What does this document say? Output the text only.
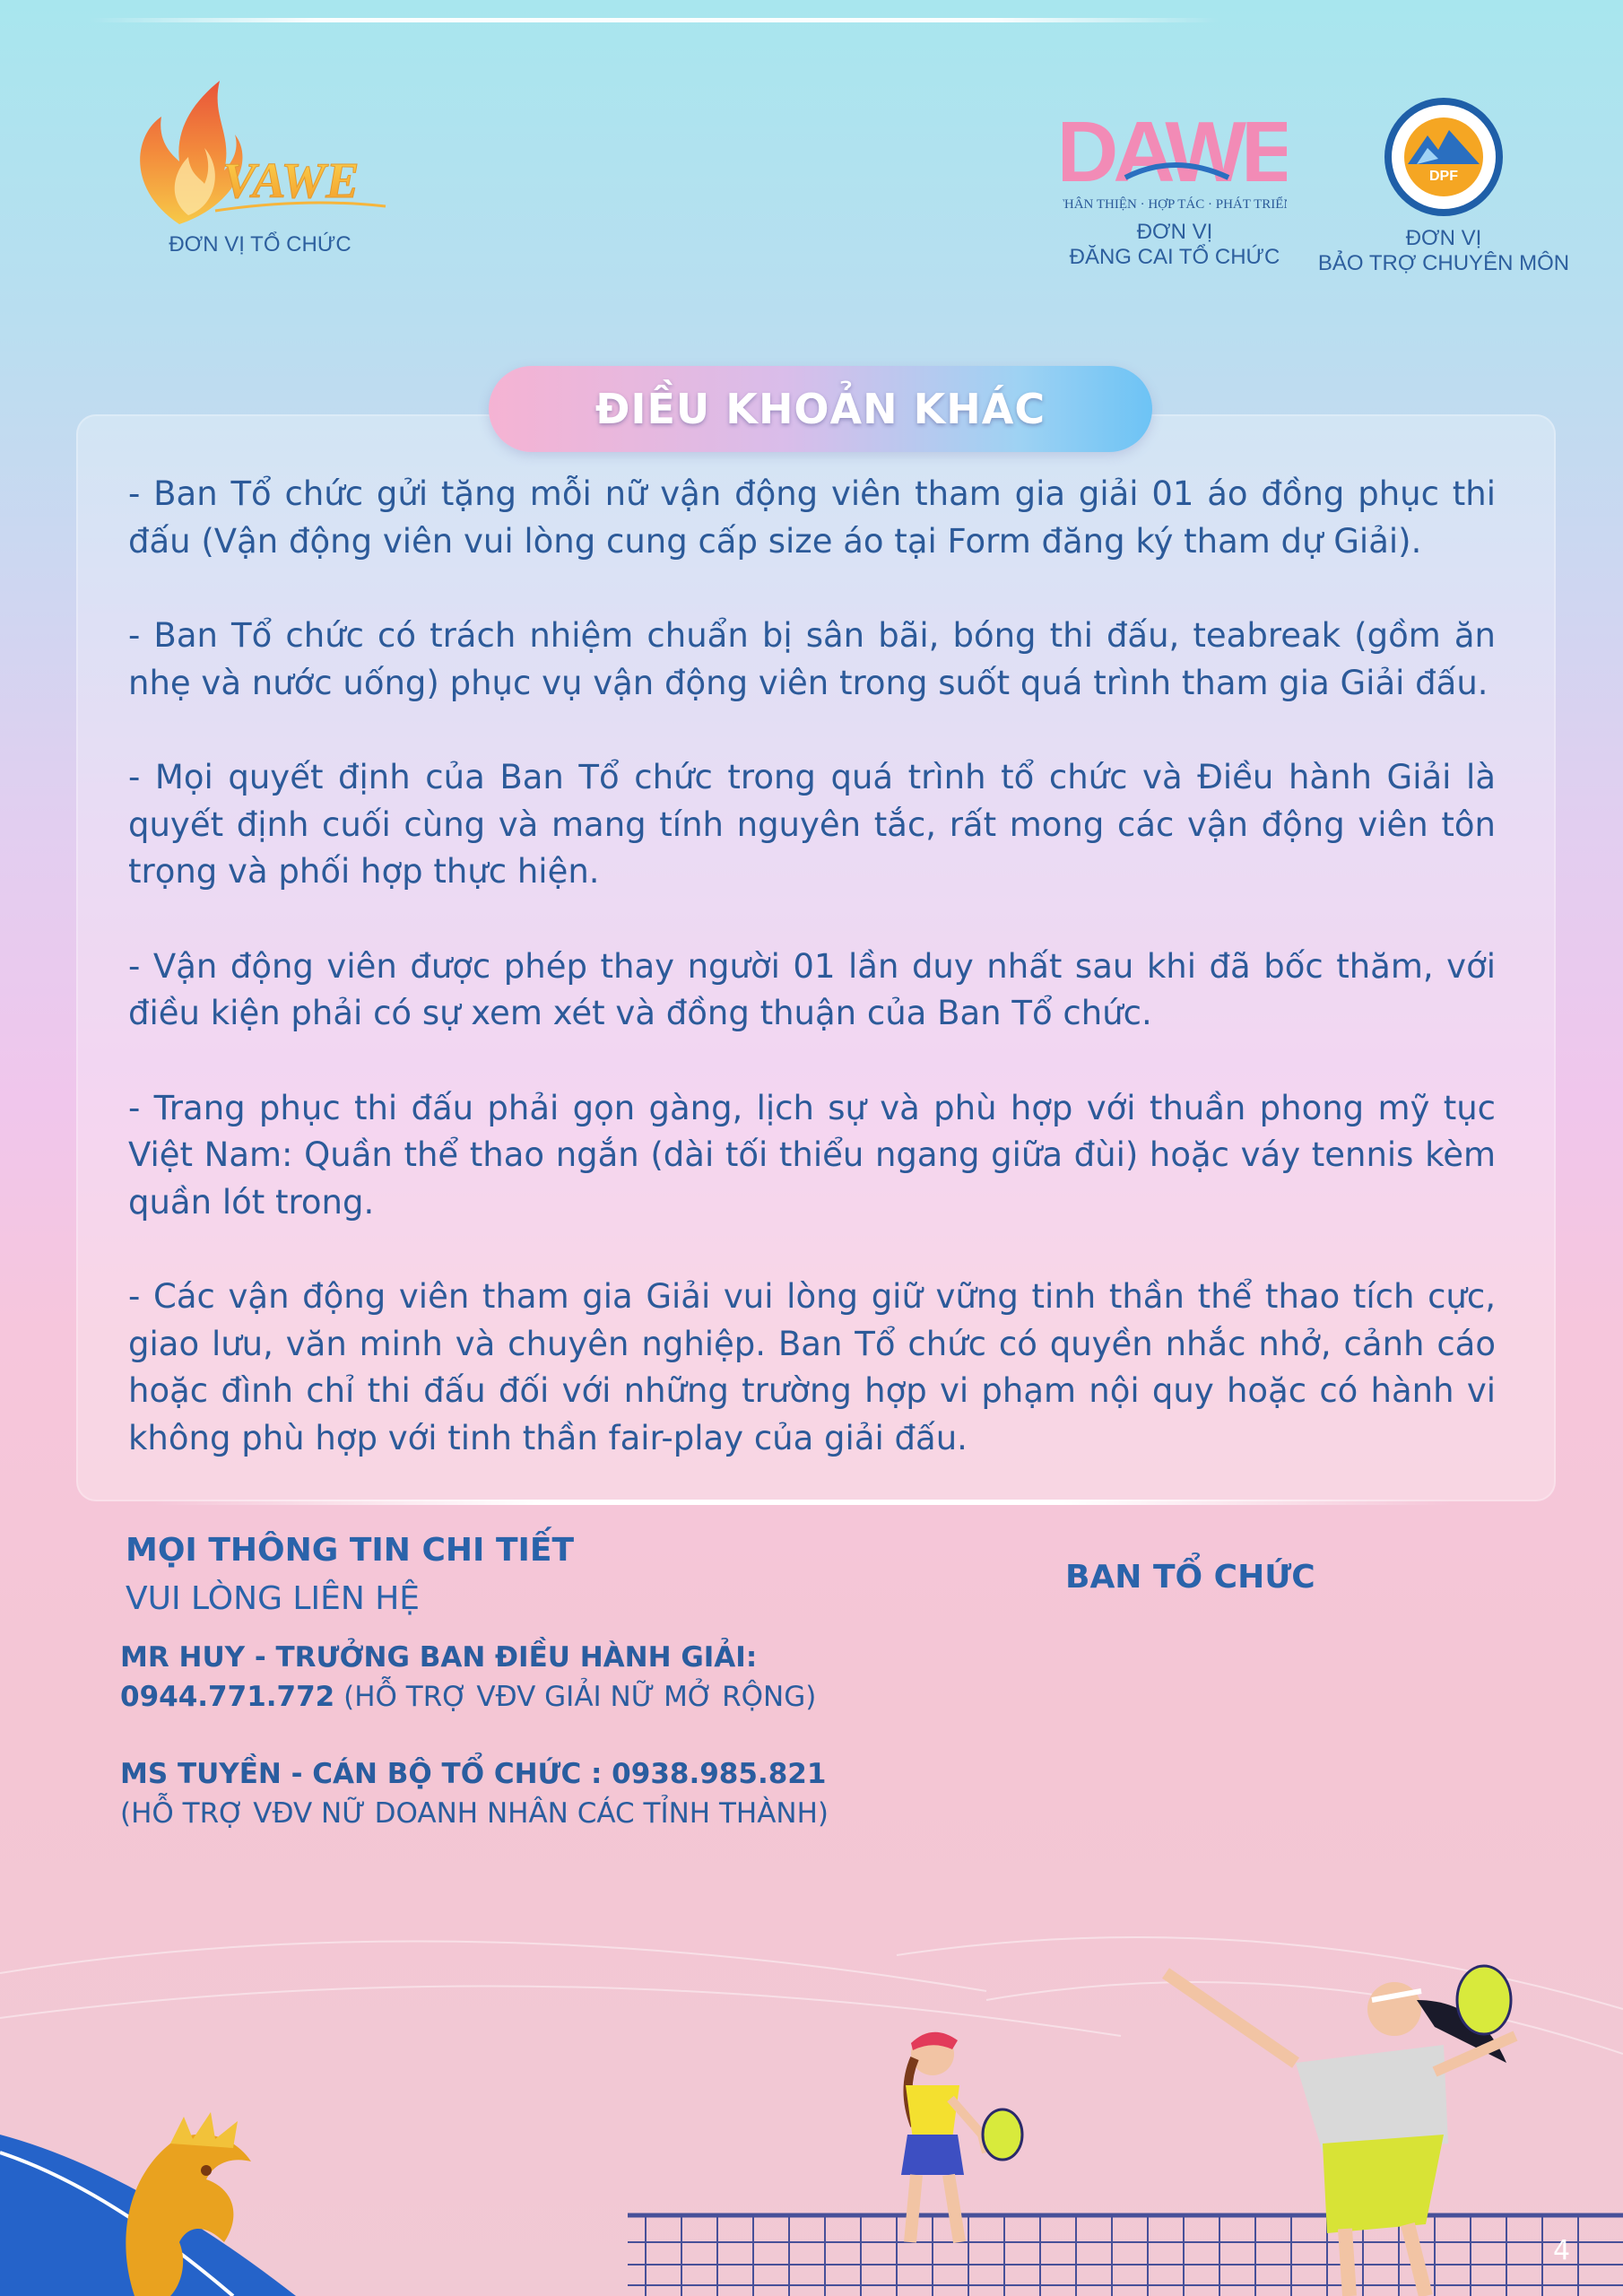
VAWE
ĐƠN VỊ TỔ CHỨC
DAWE
THÂN THIỆN · HỢP TÁC · PHÁT TRIỂN
ĐƠN VỊ
ĐĂNG CAI TỔ CHỨC
DPF
ĐƠN VỊ
BẢO TRỢ CHUYÊN MÔN
ĐIỀU KHOẢN KHÁC

- Ban Tổ chức gửi tặng mỗi nữ vận động viên tham gia giải 01 áo đồng phục thi đấu (Vận động viên vui lòng cung cấp size áo tại Form đăng ký tham dự Giải).

- Ban Tổ chức có trách nhiệm chuẩn bị sân bãi, bóng thi đấu, teabreak (gồm ăn nhẹ và nước uống) phục vụ vận động viên trong suốt quá trình tham gia Giải đấu.

- Mọi quyết định của Ban Tổ chức trong quá trình tổ chức và Điều hành Giải là quyết định cuối cùng và mang tính nguyên tắc, rất mong các vận động viên tôn trọng và phối hợp thực hiện.

- Vận động viên được phép thay người 01 lần duy nhất sau khi đã bốc thăm, với điều kiện phải có sự xem xét và đồng thuận của Ban Tổ chức.

- Trang phục thi đấu phải gọn gàng, lịch sự và phù hợp với thuần phong mỹ tục Việt Nam: Quần thể thao ngắn (dài tối thiểu ngang giữa đùi) hoặc váy tennis kèm quần lót trong.

- Các vận động viên tham gia Giải vui lòng giữ vững tinh thần thể thao tích cực, giao lưu, văn minh và chuyên nghiệp. Ban Tổ chức có quyền nhắc nhở, cảnh cáo hoặc đình chỉ thi đấu đối với những trường hợp vi phạm nội quy hoặc có hành vi không phù hợp với tinh thần fair-play của giải đấu.

MỌI THÔNG TIN CHI TIẾT
VUI LÒNG LIÊN HỆ
BAN TỔ CHỨC
MR HUY - TRƯỞNG BAN ĐIỀU HÀNH GIẢI:
0944.771.772 (HỖ TRỢ VĐV GIẢI NỮ MỞ RỘNG)
MS TUYỀN - CÁN BỘ TỔ CHỨC : 0938.985.821
(HỖ TRỢ VĐV NỮ DOANH NHÂN CÁC TỈNH THÀNH)
4
